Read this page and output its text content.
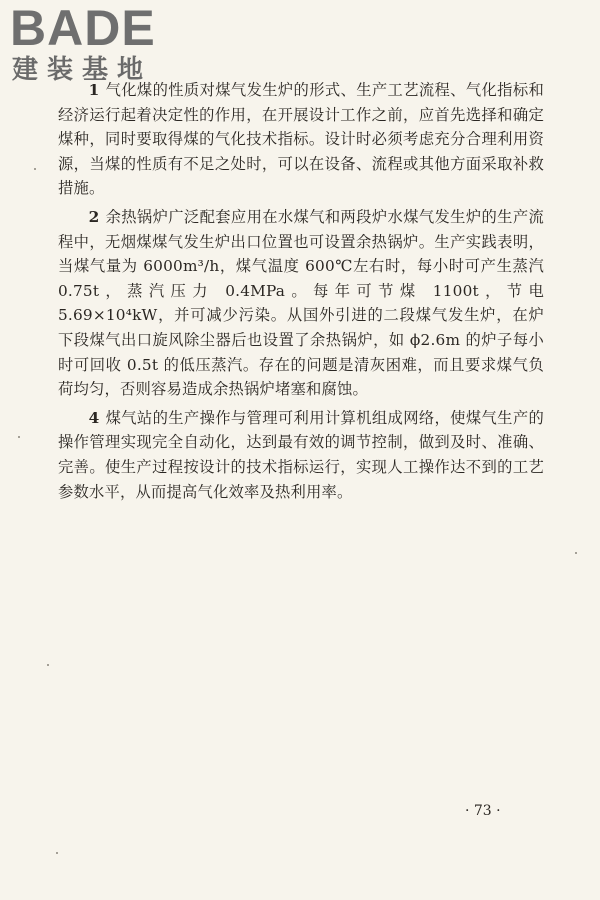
BADE
建装基地

1 气化煤的性质对煤气发生炉的形式、生产工艺流程、气化指标和经济运行起着决定性的作用，在开展设计工作之前，应首先选择和确定煤种，同时要取得煤的气化技术指标。设计时必须考虑充分合理利用资源，当煤的性质有不足之处时，可以在设备、流程或其他方面采取补救措施。

2 余热锅炉广泛配套应用在水煤气和两段炉水煤气发生炉的生产流程中，无烟煤煤气发生炉出口位置也可设置余热锅炉。生产实践表明，当煤气量为 6000m³/h，煤气温度 600℃左右时，每小时可产生蒸汽 0.75t，蒸汽压力 0.4MPa。每年可节煤 1100t，节电 5.69×10⁴kW，并可减少污染。从国外引进的二段煤气发生炉，在炉下段煤气出口旋风除尘器后也设置了余热锅炉，如 ϕ2.6m 的炉子每小时可回收 0.5t 的低压蒸汽。存在的问题是清灰困难，而且要求煤气负荷均匀，否则容易造成余热锅炉堵塞和腐蚀。

4 煤气站的生产操作与管理可利用计算机组成网络，使煤气生产的操作管理实现完全自动化，达到最有效的调节控制，做到及时、准确、完善。使生产过程按设计的技术指标运行，实现人工操作达不到的工艺参数水平，从而提高气化效率及热利用率。

· 73 ·
